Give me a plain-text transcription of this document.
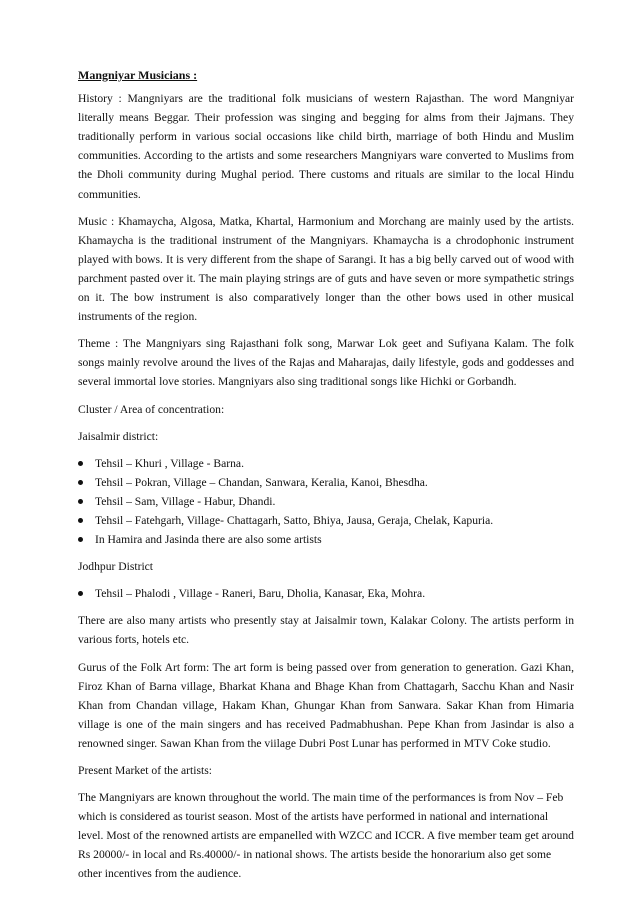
Mangniyar Musicians :

History : Mangniyars are the traditional folk musicians of western Rajasthan. The word Mangniyar literally means Beggar. Their profession was singing and begging for alms from their Jajmans. They traditionally perform in various social occasions like child birth, marriage of both Hindu and Muslim communities. According to the artists and some researchers Mangniyars ware converted to Muslims from the Dholi community during Mughal period. There customs and rituals are similar to the local Hindu communities.

Music : Khamaycha, Algosa, Matka, Khartal, Harmonium and Morchang are mainly used by the artists. Khamaycha is the traditional instrument of the Mangniyars. Khamaycha is a chrodophonic instrument played with bows. It is very different from the shape of Sarangi. It has a big belly carved out of wood with parchment pasted over it. The main playing strings are of guts and have seven or more sympathetic strings on it. The bow instrument is also comparatively longer than the other bows used in other musical instruments of the region.

Theme : The Mangniyars sing Rajasthani folk song, Marwar Lok geet and Sufiyana Kalam. The folk songs mainly revolve around the lives of the Rajas and Maharajas, daily lifestyle, gods and goddesses and several immortal love stories. Mangniyars also sing traditional songs like Hichki or Gorbandh.

Cluster / Area of concentration:

Jaisalmir district:

Tehsil – Khuri , Village - Barna.
Tehsil – Pokran, Village – Chandan, Sanwara, Keralia, Kanoi, Bhesdha.
Tehsil – Sam, Village - Habur, Dhandi.
Tehsil – Fatehgarh, Village- Chattagarh, Satto, Bhiya, Jausa, Geraja, Chelak, Kapuria.
In Hamira and Jasinda there are also some artists

Jodhpur District

Tehsil – Phalodi , Village - Raneri, Baru, Dholia, Kanasar, Eka, Mohra.

There are also many artists who presently stay at Jaisalmir town, Kalakar Colony. The artists perform in various forts, hotels etc.

Gurus of the Folk Art form: The art form is being passed over from generation to generation. Gazi Khan, Firoz Khan of Barna village, Bharkat Khana and Bhage Khan from Chattagarh, Sacchu Khan and Nasir Khan from Chandan village, Hakam Khan, Ghungar Khan from Sanwara. Sakar Khan from Himaria village is one of the main singers and has received Padmabhushan. Pepe Khan from Jasindar is also a renowned singer. Sawan Khan from the viilage Dubri Post Lunar has performed in MTV Coke studio.

Present Market of the artists:

The Mangniyars are known throughout the world. The main time of the performances is from Nov – Feb which is considered as tourist season. Most of the artists have performed in national and international level. Most of the renowned artists are empanelled with WZCC and ICCR. A five member team get around Rs 20000/- in local and Rs.40000/- in national shows. The artists beside the honorarium also get some other incentives from the audience.
